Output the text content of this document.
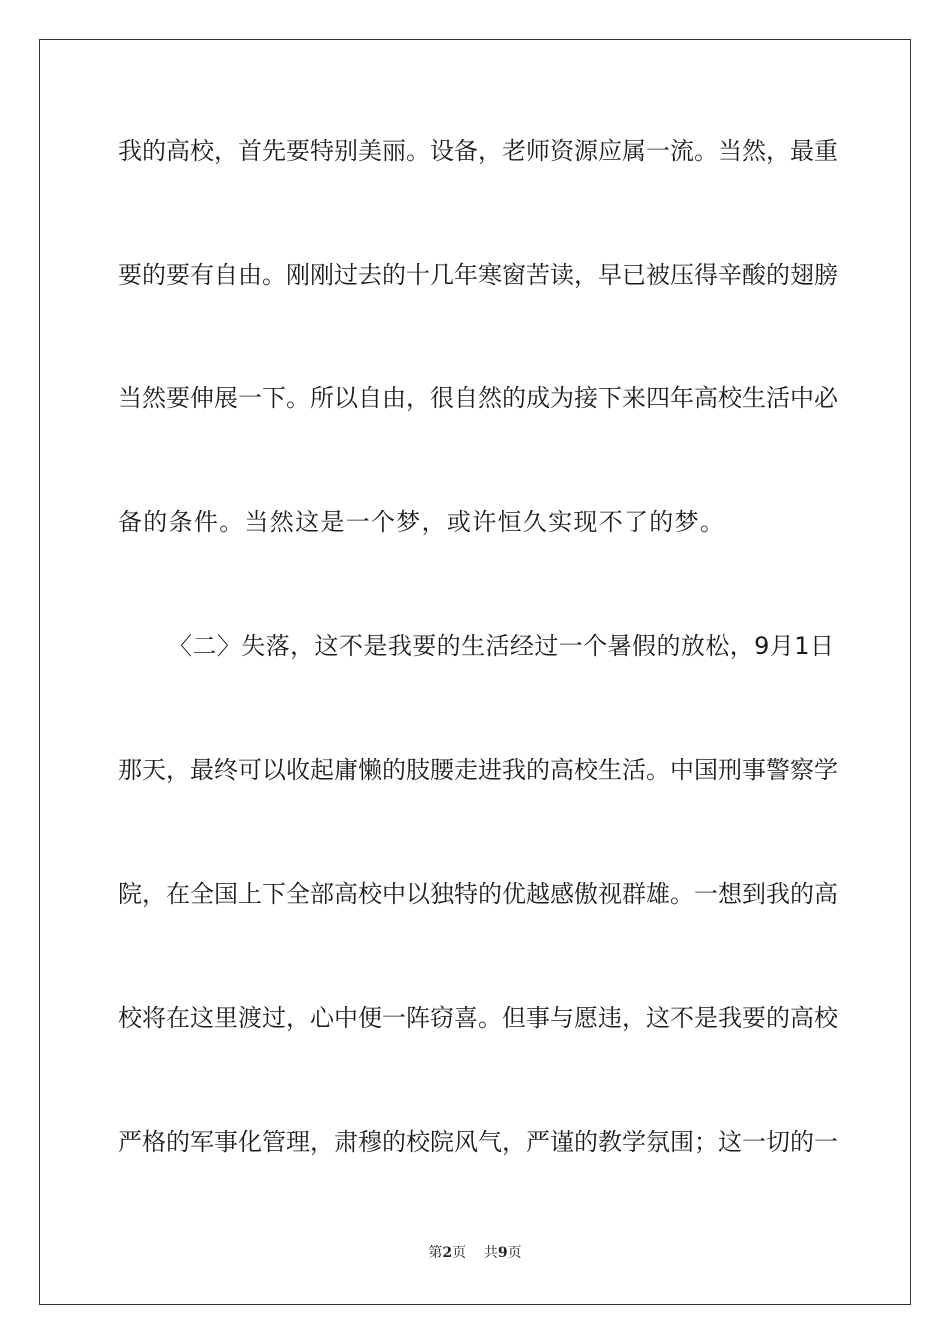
我的高校，首先要特别美丽。设备，老师资源应属一流。当然，最重
要的要有自由。刚刚过去的十几年寒窗苦读，早已被压得辛酸的翅膀
当然要伸展一下。所以自由，很自然的成为接下来四年高校生活中必
备的条件。当然这是一个梦，或许恒久实现不了的梦。
〈二〉失落，这不是我要的生活经过一个暑假的放松，9月1日
那天，最终可以收起庸懒的肢腰走进我的高校生活。中国刑事警察学
院，在全国上下全部高校中以独特的优越感傲视群雄。一想到我的高
校将在这里渡过，心中便一阵窃喜。但事与愿违，这不是我要的高校
严格的军事化管理，肃穆的校院风气，严谨的教学氛围；这一切的一
第2页 共9页
